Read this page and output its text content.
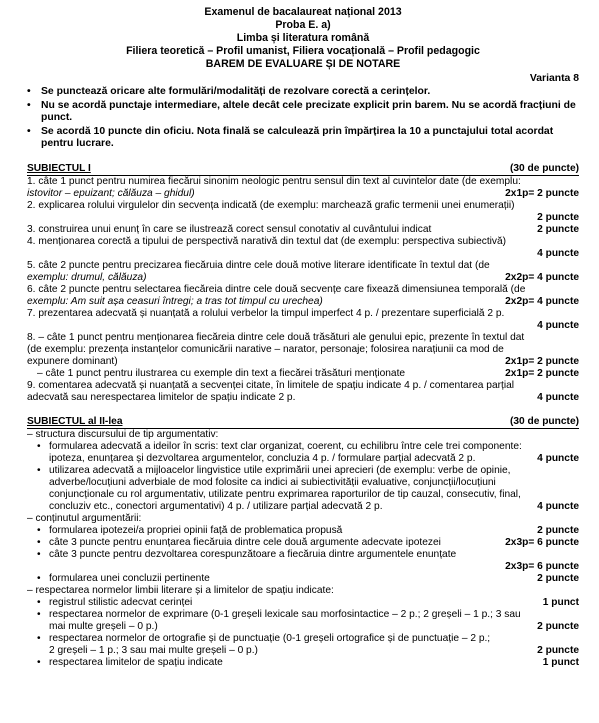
Examenul de bacalaureat național 2013
Proba E. a)
Limba și literatura română
Filiera teoretică – Profil umanist, Filiera vocațională – Profil pedagogic
BAREM DE EVALUARE ȘI DE NOTARE
Varianta 8
• Se punctează oricare alte formulări/modalități de rezolvare corectă a cerințelor.
• Nu se acordă punctaje intermediare, altele decât cele precizate explicit prin barem. Nu se acordă fracțiuni de punct.
• Se acordă 10 puncte din oficiu. Nota finală se calculează prin împărțirea la 10 a punctajului total acordat pentru lucrare.
SUBIECTUL I	(30 de puncte)
1. câte 1 punct pentru numirea fiecărui sinonim neologic pentru sensul din text al cuvintelor date (de exemplu:
istovitor – epuizant; călăuza – ghidul)	2x1p= 2 puncte
2. explicarea rolului virgulelor din secvența indicată (de exemplu: marchează grafic termenii unei enumerații)
2 puncte
3. construirea unui enunț în care se ilustrează corect sensul conotativ al cuvântului indicat	2 puncte
4. menționarea corectă a tipului de perspectivă narativă din textul dat (de exemplu: perspectiva subiectivă)
4 puncte
5. câte 2 puncte pentru precizarea fiecăruia dintre cele două motive literare identificate în textul dat (de
exemplu: drumul, călăuza)	2x2p= 4 puncte
6. câte 2 puncte pentru selectarea fiecăreia dintre cele două secvențe care fixează dimensiunea temporală (de
exemplu: Am suit așa ceasuri întregi; a tras tot timpul cu urechea)	2x2p= 4 puncte
7. prezentarea adecvată și nuanțată a rolului verbelor la timpul imperfect 4 p. / prezentare superficială 2 p.
4 puncte
8. – câte 1 punct pentru menționarea fiecăreia dintre cele două trăsături ale genului epic, prezente în textul dat
(de exemplu: prezența instanțelor comunicării narative – narator, personaje; folosirea narațiunii ca mod de
expunere dominant)	2x1p= 2 puncte
– câte 1 punct pentru ilustrarea cu exemple din text a fiecărei trăsături menționate	2x1p= 2 puncte
9. comentarea adecvată și nuanțată a secvenței citate, în limitele de spațiu indicate 4 p. / comentarea parțial
adecvată sau nerespectarea limitelor de spațiu indicate 2 p.	4 puncte
SUBIECTUL al II-lea	(30 de puncte)
– structura discursului de tip argumentativ:
• formularea adecvată a ideilor în scris: text clar organizat, coerent, cu echilibru între cele trei componente:
ipoteza, enunțarea și dezvoltarea argumentelor, concluzia 4 p. / formulare parțial adecvată 2 p.	4 puncte
• utilizarea adecvată a mijloacelor lingvistice utile exprimării unei aprecieri (de exemplu: verbe de opinie,
adverbe/locuțiuni adverbiale de mod folosite ca indici ai subiectivității evaluative, conjuncții/locuțiuni
conjuncționale cu rol argumentativ, utilizate pentru exprimarea raporturilor de tip cauzal, consecutiv, final,
concluziv etc., conectori argumentativi) 4 p. / utilizare parțial adecvată 2 p.	4 puncte
– conținutul argumentării:
• formularea ipotezei/a propriei opinii față de problematica propusă	2 puncte
• câte 3 puncte pentru enunțarea fiecăruia dintre cele două argumente adecvate ipotezei	2x3p= 6 puncte
• câte 3 puncte pentru dezvoltarea corespunzătoare a fiecăruia dintre argumentele enunțate
2x3p= 6 puncte
• formularea unei concluzii pertinente	2 puncte
– respectarea normelor limbii literare și a limitelor de spațiu indicate:
• registrul stilistic adecvat cerinței	1 punct
• respectarea normelor de exprimare (0-1 greșeli lexicale sau morfosintactice – 2 p.; 2 greșeli – 1 p.; 3 sau
mai multe greșeli – 0 p.)	2 puncte
• respectarea normelor de ortografie și de punctuație (0-1 greșeli ortografice și de punctuație – 2 p.;
2 greșeli – 1 p.; 3 sau mai multe greșeli – 0 p.)	2 puncte
• respectarea limitelor de spațiu indicate	1 punct
